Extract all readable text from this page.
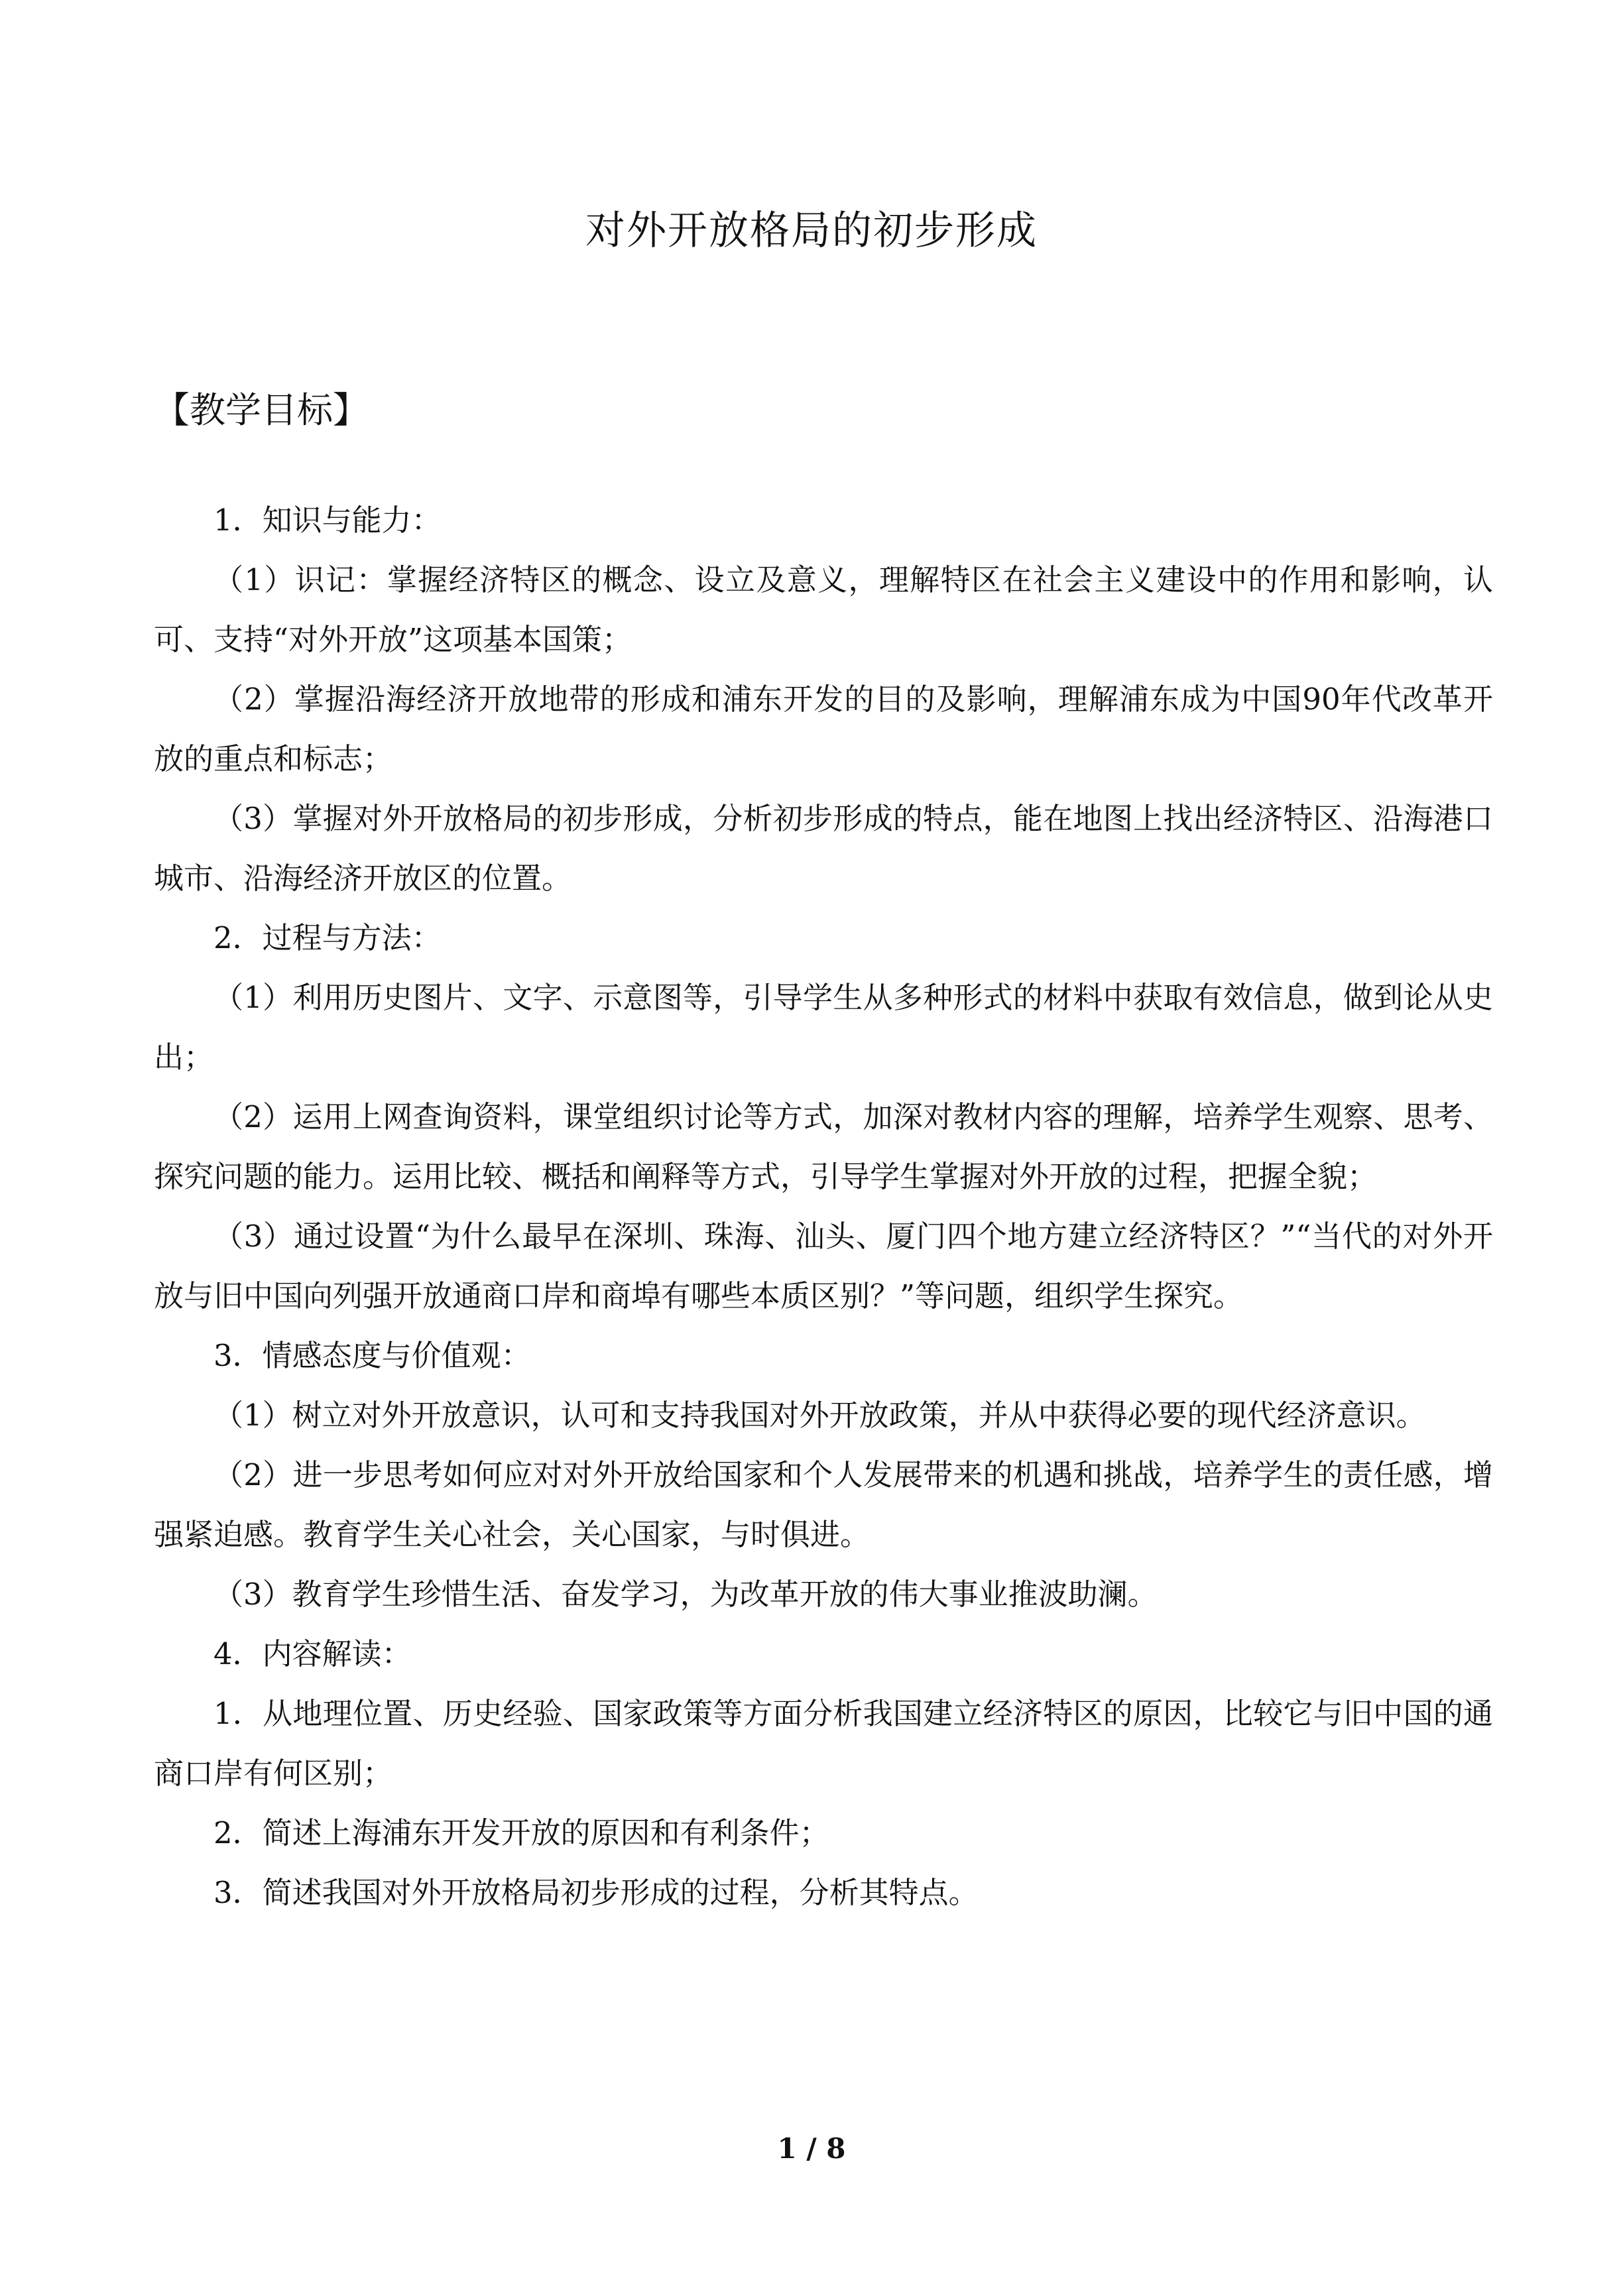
对外开放格局的初步形成
【教学目标】

1．知识与能力：

（1）识记：掌握经济特区的概念、设立及意义，理解特区在社会主义建设中的作用和影响，认可、支持“对外开放”这项基本国策；

（2）掌握沿海经济开放地带的形成和浦东开发的目的及影响，理解浦东成为中国90年代改革开放的重点和标志；

（3）掌握对外开放格局的初步形成，分析初步形成的特点，能在地图上找出经济特区、沿海港口城市、沿海经济开放区的位置。

2．过程与方法：

（1）利用历史图片、文字、示意图等，引导学生从多种形式的材料中获取有效信息，做到论从史出；

（2）运用上网查询资料，课堂组织讨论等方式，加深对教材内容的理解，培养学生观察、思考、探究问题的能力。运用比较、概括和阐释等方式，引导学生掌握对外开放的过程，把握全貌；

（3）通过设置“为什么最早在深圳、珠海、汕头、厦门四个地方建立经济特区？”“当代的对外开放与旧中国向列强开放通商口岸和商埠有哪些本质区别？”等问题，组织学生探究。

3．情感态度与价值观：

（1）树立对外开放意识，认可和支持我国对外开放政策，并从中获得必要的现代经济意识。

（2）进一步思考如何应对对外开放给国家和个人发展带来的机遇和挑战，培养学生的责任感，增强紧迫感。教育学生关心社会，关心国家，与时俱进。

（3）教育学生珍惜生活、奋发学习，为改革开放的伟大事业推波助澜。

4．内容解读：

1．从地理位置、历史经验、国家政策等方面分析我国建立经济特区的原因，比较它与旧中国的通商口岸有何区别；

2．简述上海浦东开发开放的原因和有利条件；

3．简述我国对外开放格局初步形成的过程，分析其特点。

1 / 8
